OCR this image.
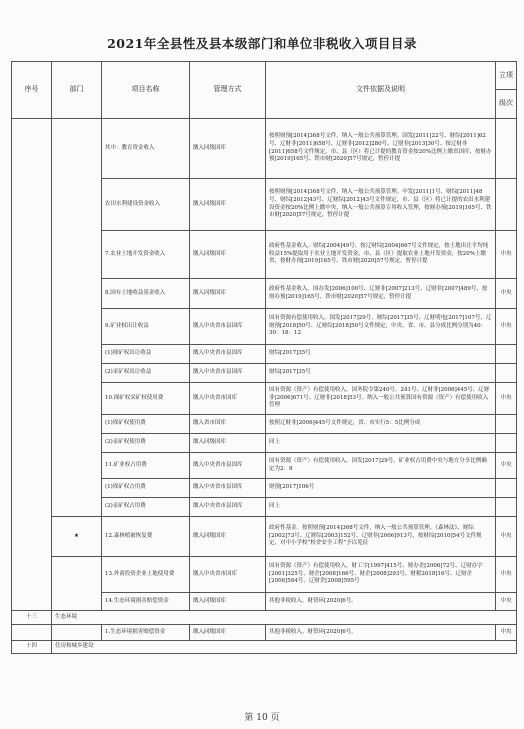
2021年全县性及县本级部门和单位非税收入项目目录
序号	部门	项目名称	管理方式	文件依据及说明	立项
					级次
		其中：教育资金收入	缴入同级国库	按照财预[2014]368号文件，纳入一般公共预算管理。国发[2011]22号、财综[2011]62号、辽财非[2011]658号、辽财非[2012]280号、辽财非[2013]30号、按辽财非[2011]658号文件规定，市、县（区）将已计提的教育资金按20%比例上缴省国库，按财办预[2019]165号、铁市财[2020]57号规定，暂停计提	
		农田水利建设资金收入	缴入同级国库	按照财预[2014]368号文件，纳入一般公共预算管理。中发[2011]1号、财综[2011]48号、财综[2012]43号、辽财综[2012]43号文件规定，市、县（区）将已计提的农田水利建设资金按20%比例上缴中央，纳入一般公共预算专用收入管理，按财办预[2019]165号、铁市财[2020]57号规定，暂停计提	
		7.农业土地开发资金收入	缴入同级国库	政府性基金收入。财综[2004]49号、按辽财综[2004]667号文件规定，按土地出让平均纯收益15%提取用于农业土地开发资金，市、县（区）提取农业土地开发资金，按20%上缴省，按财办预[2019]165号、铁市财[2020]57号规定，暂停计提	中央
		8.国有土地收益基金收入	缴入同级国库	政府性基金收入。国办发[2006]100号、辽财非[2007]213号、辽财非[2007]489号、按财办预[2019]165号、铁市财[2020]57号规定，暂停计提	中央
		9.矿业权出让收益	缴入中央省市县国库	国有资源有偿使用收入。国发[2017]29号、财综[2017]35号、辽财明电[2017]107号、辽财预[2018]50号、辽财综[2018]50号文件规定，中央、省、市、县分成比例分别为40：30：18：12	中央
		(1)探矿权出让收益	缴入中央省市县国库	财综[2017]35号	
		(2)采矿权出让收益	缴入中央省市县国库	财综[2017]35号	
		10.探矿权采矿权使用费	缴入中央省市国库	国有资源（资产）有偿使用收入。国务院令第240号、241号、辽财非[2006]445号、辽财非[2006]671号、辽财非[2018]53号。纳入一般公共预算国有资源（资产）有偿使用收入管理	中央
		(1)探矿权使用费	缴入省市国库	按照辽财非[2006]445号文件规定，省、市实行5：5比例分成	
		(2)采矿权使用费	缴入同级国库	同上	
		11.矿业权占用费	缴入中央省市县国库	国有资源（资产）有偿使用收入。国发[2017]29号，矿业权占用费中央与地方分享比例确定为2：8	中央
		(1)探矿权占用费	缴入中央省市县国库	财预[2017]106号	
		(2)采矿权占用费	缴入中央省市县国库	同上	
	★	12.森林植被恢复费	缴入同级国库	政府性基金。按照财预[2014]368号文件，纳入一般公共预算管理。《森林法》、财综[2002]73号、辽财综[2003]152号、辽财非[2006]913号、按财综[2010]54号文件规定，对中小学校“校舍安全工程”予以免征	中央
		13.外商投资企业土地使用费	缴入中央省市国库	国有资源（资产）有偿使用收入。财工字[1997]415号、财办企[2006]72号、辽财办字[2001]325号、财企[2008]166号、财企[2008]293号、财税2018]16号、辽财企[2006]584号、辽财企[2008]595号	中央
		14.生态环境损害赔偿资金	缴入同级国库	其他非税收入。财资环[2020]6号。	中央
十三	生态环境				
		1.生态环境损害赔偿资金	缴入同级国库	其他非税收入。财资环[2020]6号。	中央
十四	住房和城乡建设				
第 10 页
